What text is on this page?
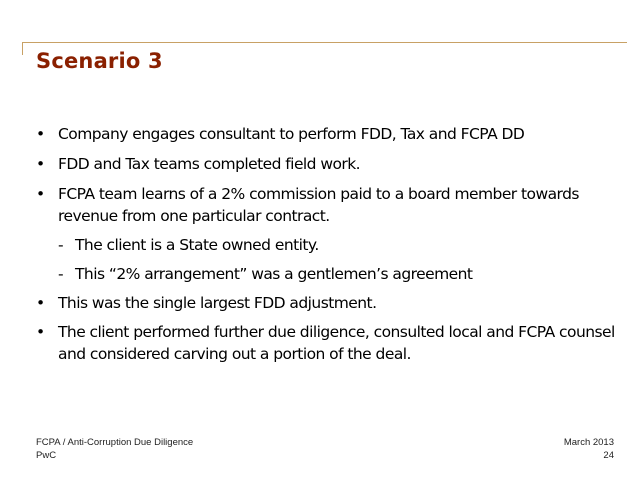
Scenario 3
• Company engages consultant to perform FDD, Tax and FCPA DD
• FDD and Tax teams completed field work.
• FCPA team learns of a 2% commission paid to a board member towards revenue from one particular contract.
- The client is a State owned entity.
- This “2% arrangement” was a gentlemen’s agreement
• This was the single largest FDD adjustment.
• The client performed further due diligence, consulted local and FCPA counsel and considered carving out a portion of the deal.
FCPA / Anti-Corruption Due Diligence
PwC
March 2013
24
